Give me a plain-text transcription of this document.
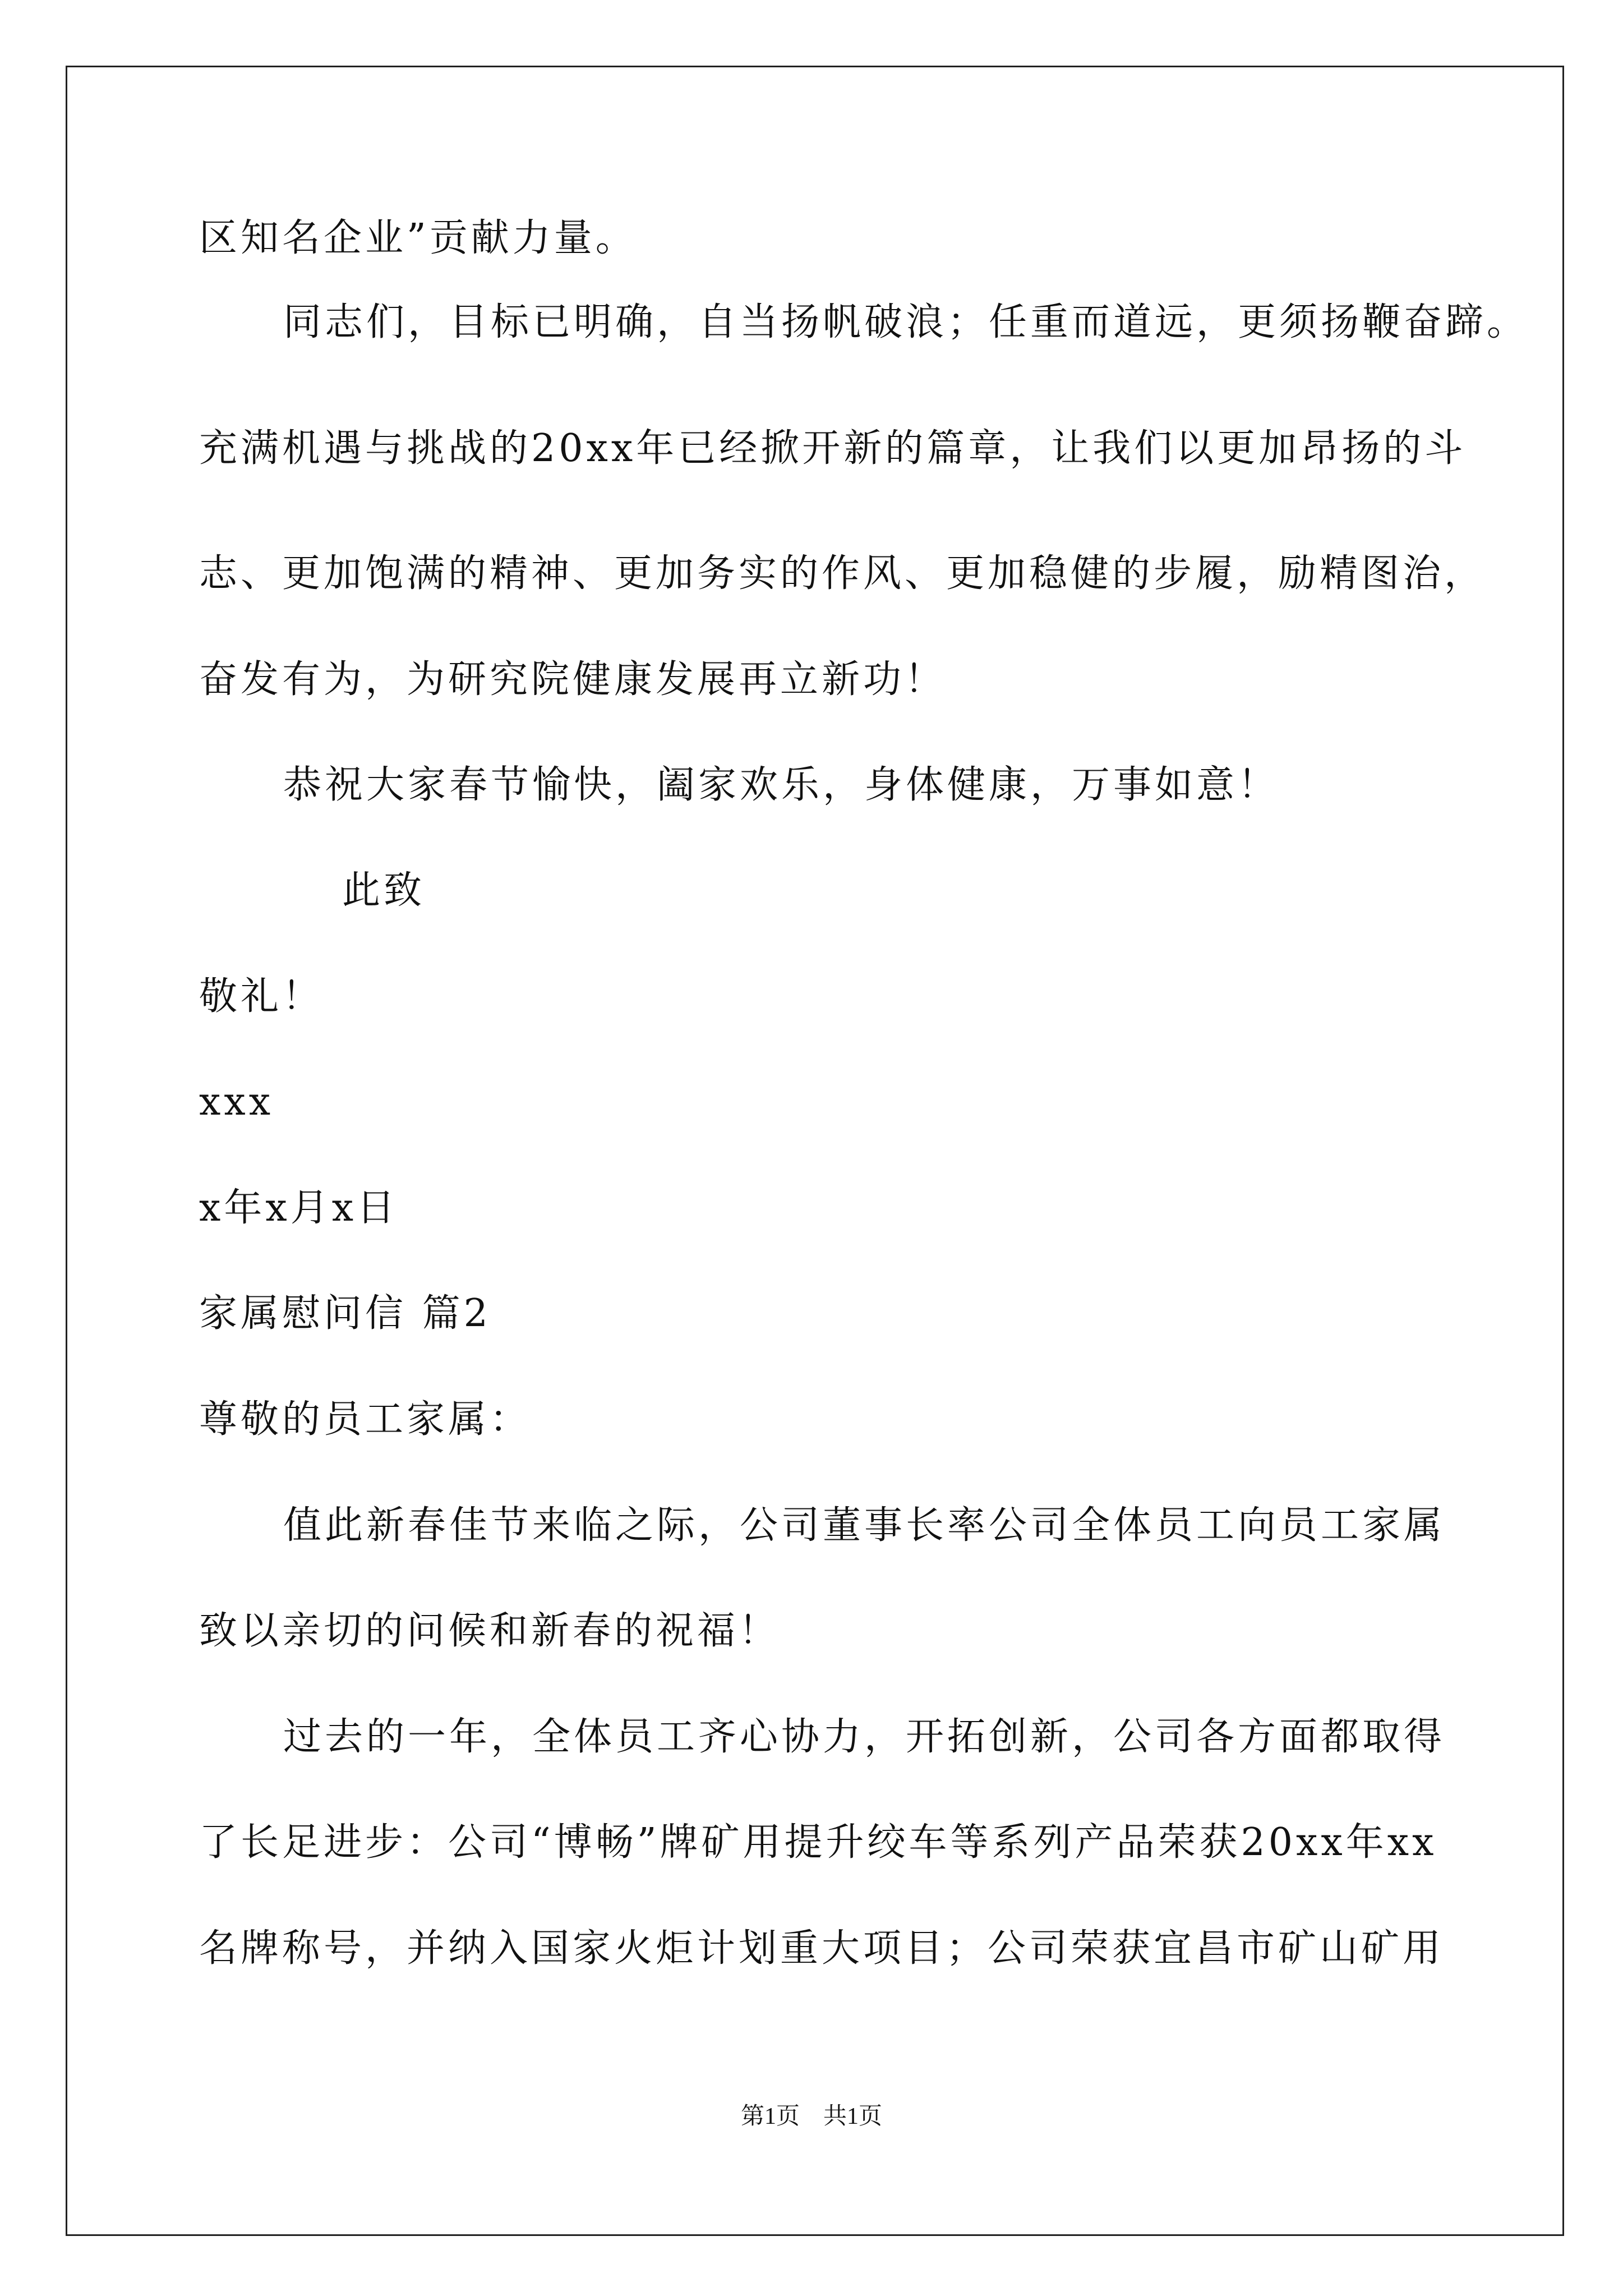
区知名企业”贡献力量。
同志们，目标已明确，自当扬帆破浪；任重而道远，更须扬鞭奋蹄。
充满机遇与挑战的20xx年已经掀开新的篇章，让我们以更加昂扬的斗
志、更加饱满的精神、更加务实的作风、更加稳健的步履，励精图治，
奋发有为，为研究院健康发展再立新功！
恭祝大家春节愉快，阖家欢乐，身体健康，万事如意！
此致
敬礼！
xxx
x年x月x日
家属慰问信 篇2
尊敬的员工家属：
值此新春佳节来临之际，公司董事长率公司全体员工向员工家属
致以亲切的问候和新春的祝福！
过去的一年，全体员工齐心协力，开拓创新，公司各方面都取得
了长足进步：公司“博畅”牌矿用提升绞车等系列产品荣获20xx年xx
名牌称号，并纳入国家火炬计划重大项目；公司荣获宜昌市矿山矿用
第1页　共1页
